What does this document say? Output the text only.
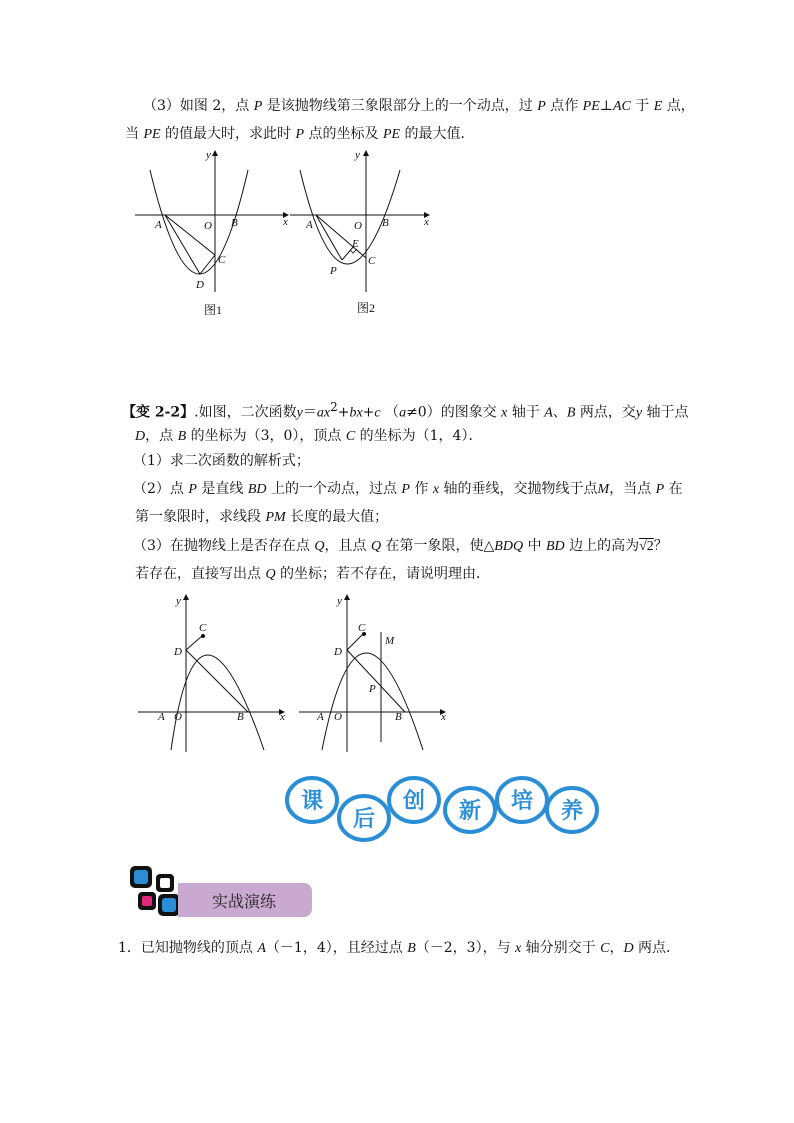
（3）如图 2，点 P 是该抛物线第三象限部分上的一个动点，过 P 点作 PE⊥AC 于 E 点，
当 PE 的值最大时，求此时 P 点的坐标及 PE 的最大值．
y
x
A	O B
C
D
图1
y
x
A	O B
E
C
P
图2
【变 2-2】.如图，二次函数$y=ax^2+bx+c$ （a≠0）的图象交 x 轴于 A、B 两点，交y 轴于点
D，点 B 的坐标为（3，0），顶点 C 的坐标为（1，4）．
（1）求二次函数的解析式；
（2）点 P 是直线 BD 上的一个动点，过点 P 作 x 轴的垂线，交抛物线于点M，当点 P 在
第一象限时，求线段 PM 长度的最大值；
（3）在抛物线上是否存在点 Q，且点 Q 在第一象限，使△BDQ 中 BD 边上的高为√2？
若存在，直接写出点 Q 的坐标；若不存在，请说明理由．
y
x
A O	B
C
D
y
x
A O	B
C
D
M
P
课
后
创 新 培 养
实战演练
1．已知抛物线的顶点 A（－1，4），且经过点 B（－2，3），与 x 轴分别交于 C，D 两点．
